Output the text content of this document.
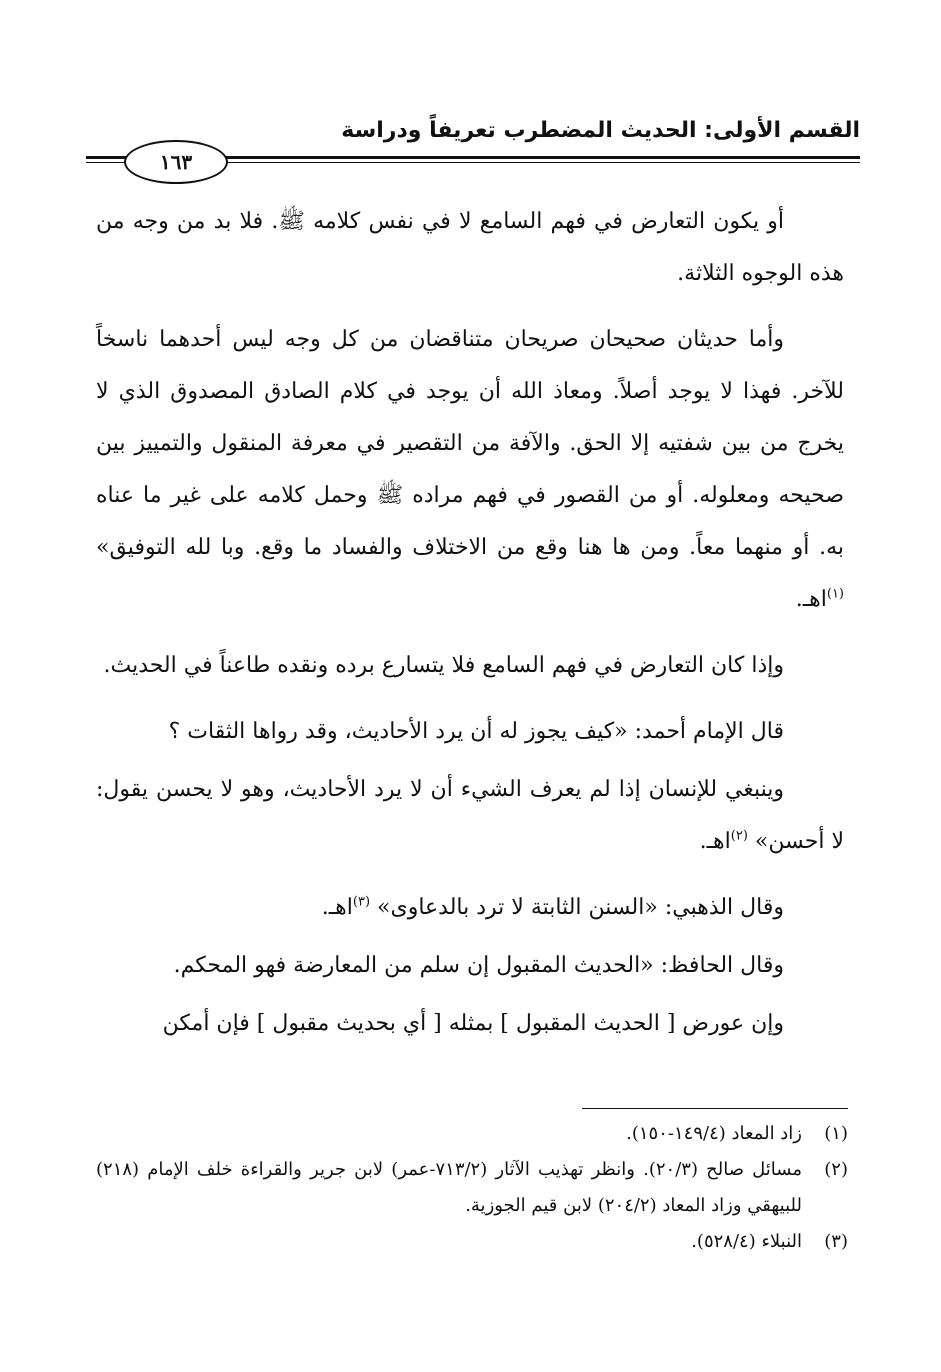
القسم الأولى: الحديث المضطرب تعريفاً ودراسة
١٦٣

أو يكون التعارض في فهم السامع لا في نفس كلامه ﷺ. فلا بد من وجه من هذه الوجوه الثلاثة.

وأما حديثان صحيحان صريحان متناقضان من كل وجه ليس أحدهما ناسخاً للآخر. فهذا لا يوجد أصلاً. ومعاذ الله أن يوجد في كلام الصادق المصدوق الذي لا يخرج من بين شفتيه إلا الحق. والآفة من التقصير في معرفة المنقول والتمييز بين صحيحه ومعلوله. أو من القصور في فهم مراده ﷺ وحمل كلامه على غير ما عناه به. أو منهما معاً. ومن ها هنا وقع من الاختلاف والفساد ما وقع. وبا لله التوفيق» $^{(١)}$اهـ.

وإذا كان التعارض في فهم السامع فلا يتسارع برده ونقده طاعناً في الحديث.

قال الإمام أحمد: «كيف يجوز له أن يرد الأحاديث، وقد رواها الثقات ؟

وينبغي للإنسان إذا لم يعرف الشيء أن لا يرد الأحاديث، وهو لا يحسن يقول: لا أحسن» $^{(٢)}$اهـ.

وقال الذهبي: «السنن الثابتة لا ترد بالدعاوى» $^{(٣)}$اهـ.

وقال الحافظ: «الحديث المقبول إن سلم من المعارضة فهو المحكم.

وإن عورض [ الحديث المقبول ] بمثله [ أي بحديث مقبول ] فإن أمكن

(١)
زاد المعاد (١٤٩/٤-١٥٠).
(٢)
مسائل صالح (٢٠/٣). وانظر تهذيب الآثار (٧١٣/٢-عمر) لابن جرير والقراءة خلف الإمام (٢١٨) للبيهقي وزاد المعاد (٢٠٤/٢) لابن قيم الجوزية.
(٣)
النبلاء (٥٢٨/٤).
